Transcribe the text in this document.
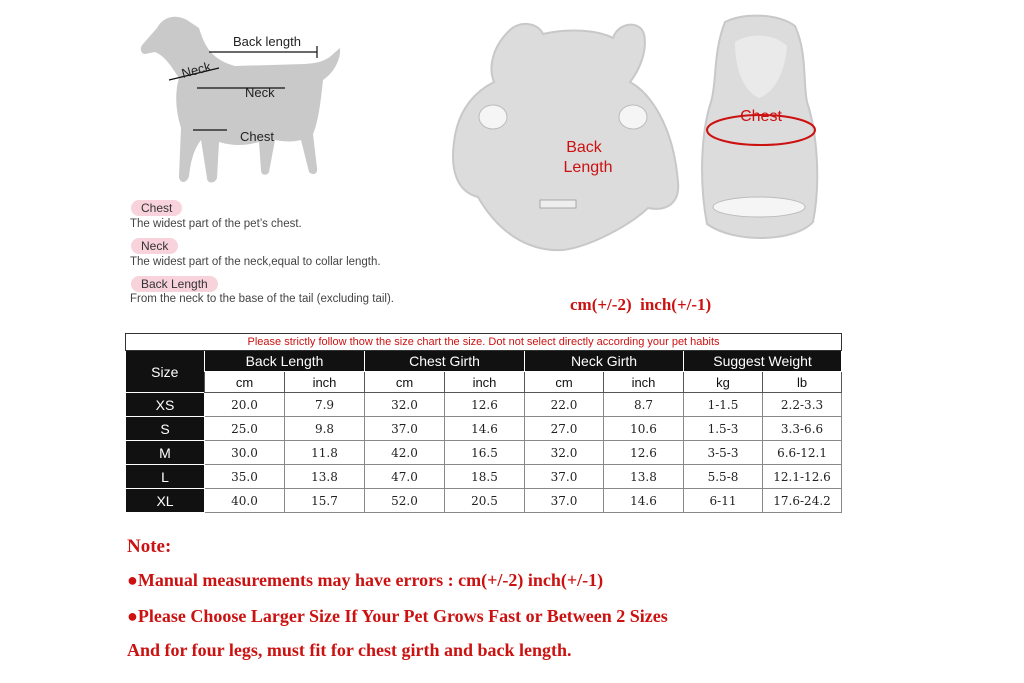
Back length
Neck
Neck
Chest
Chest
The widest part of the pet’s chest.
Neck
The widest part of the neck,equal to collar length.
Back Length
From the neck to the base of the tail (excluding tail).
Back
Length
Chest
cm(+/-2)  inch(+/-1)
Please strictly follow thow the size chart the size. Dot not select directly according your pet habits								
Size	Back Length		Chest Girth		Neck Girth		Suggest Weight	
	cm	inch	cm	inch	cm	inch	kg	lb
XS	20.0	7.9	32.0	12.6	22.0	8.7	1-1.5	2.2-3.3
S	25.0	9.8	37.0	14.6	27.0	10.6	1.5-3	3.3-6.6
M	30.0	11.8	42.0	16.5	32.0	12.6	3-5-3	6.6-12.1
L	35.0	13.8	47.0	18.5	37.0	13.8	5.5-8	12.1-12.6
XL	40.0	15.7	52.0	20.5	37.0	14.6	6-11	17.6-24.2
Note:
●Manual measurements may have errors : cm(+/-2) inch(+/-1)
●Please Choose Larger Size If Your Pet Grows Fast or Between 2 Sizes
And for four legs, must fit for chest girth and back length.
